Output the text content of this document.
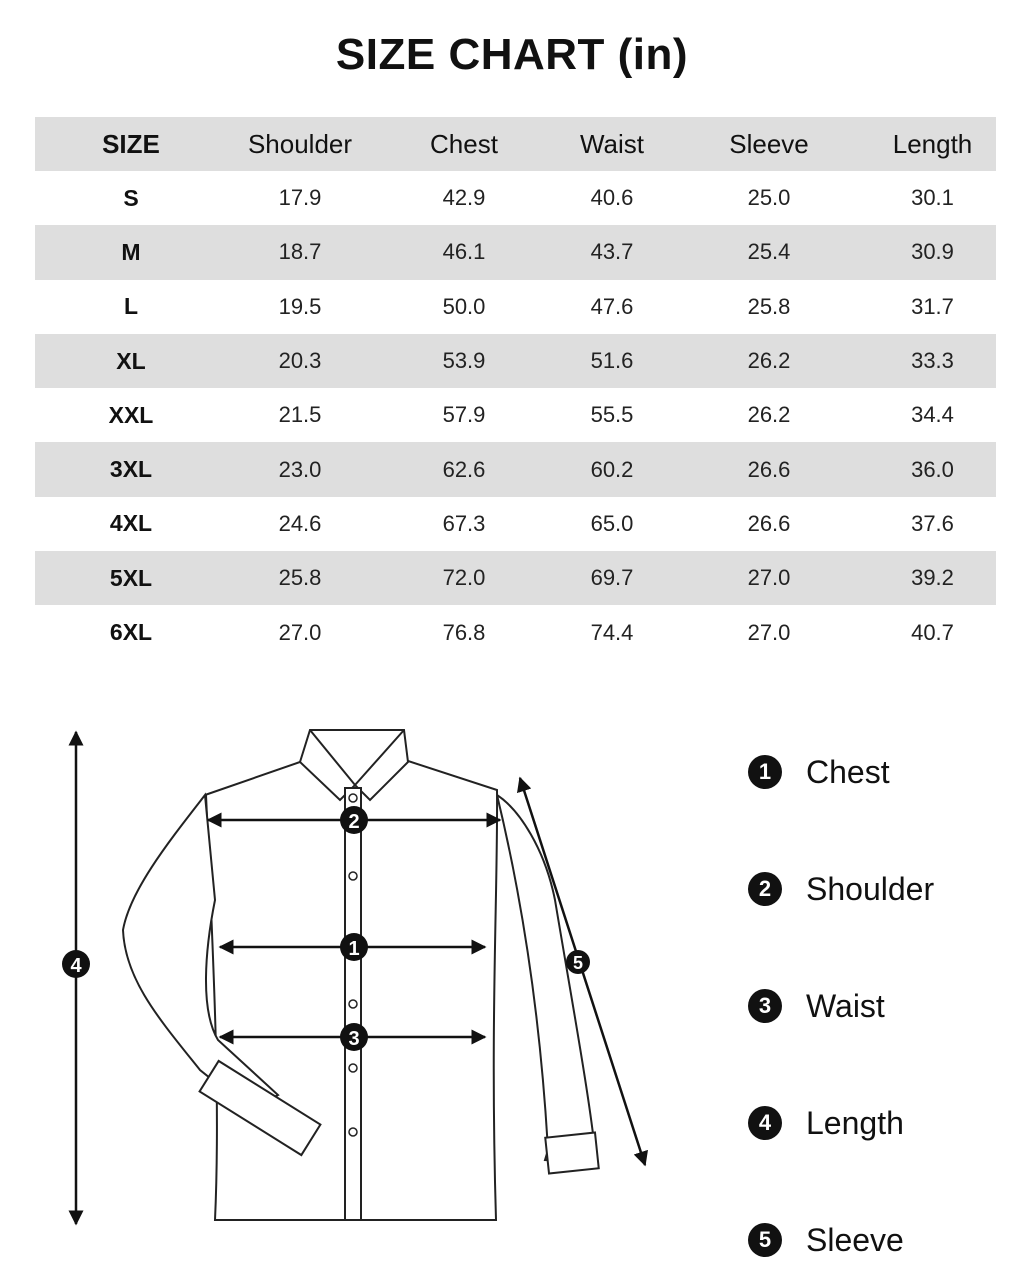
SIZE CHART (in)
SIZE	Shoulder	Chest	Waist	Sleeve	Length
S	17.9	42.9	40.6	25.0	30.1
M	18.7	46.1	43.7	25.4	30.9
L	19.5	50.0	47.6	25.8	31.7
XL	20.3	53.9	51.6	26.2	33.3
XXL	21.5	57.9	55.5	26.2	34.4
3XL	23.0	62.6	60.2	26.6	36.0
4XL	24.6	67.3	65.0	26.6	37.6
5XL	25.8	72.0	69.7	27.0	39.2
6XL	27.0	76.8	74.4	27.0	40.7
2
1
3
4	5
1	Chest
2	Shoulder
3	Waist
4	Length
5	Sleeve
